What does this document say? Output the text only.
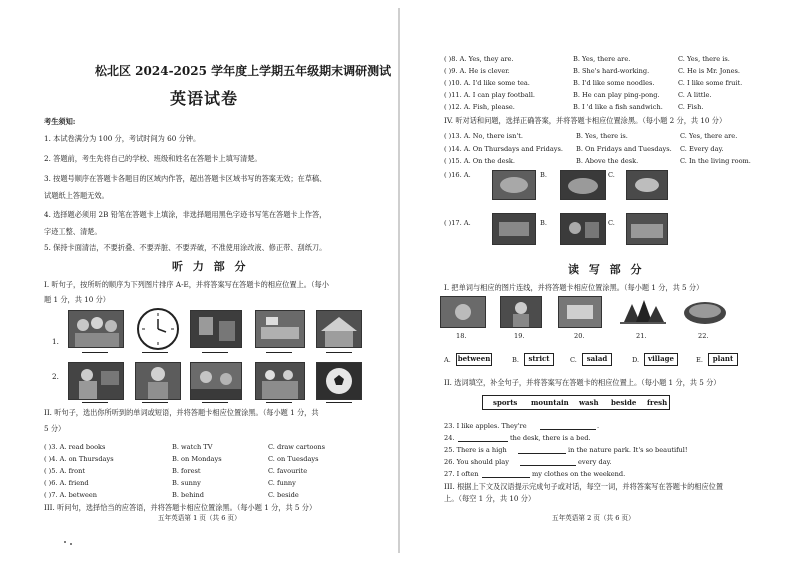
松北区 2024-2025 学年度上学期五年级期末调研测试
英语试卷
考生须知:
1. 本试卷满分为 100 分，考试时间为 60 分钟。
2. 答题前，考生先将自己的学校、班级和姓名在答题卡上填写清楚。
3. 按题号顺序在答题卡各题目的区域内作答，超出答题卡区域书写的答案无效；在草稿、
试题纸上答题无效。
4. 选择题必须用 2B 铅笔在答题卡上填涂，非选择题用黑色字迹书写笔在答题卡上作答，
字迹工整、清楚。
5. 保持卡面清洁，不要折叠、不要弄脏、不要弄破，不准使用涂改液、修正带、刮纸刀。
听 力 部 分
I. 听句子，按所听的顺序为下列图片排序 A-E，并将答案写在答题卡的相应位置上。（每小
题 1 分，共 10 分）
1.
2.
II. 听句子，选出你所听到的单词或短语，并将答题卡相应位置涂黑。（每小题 1 分，共
5 分）
( )3. A. read books	B. watch TV	C. draw cartoons
( )4. A. on Thursdays	B. on Mondays	C. on Tuesdays
( )5. A. front	B. forest	C. favourite
( )6. A. friend	B. sunny	C. funny
( )7. A. between	B. behind	C. beside
III. 听问句，选择恰当的应答语，并将答题卡相应位置涂黑。（每小题 1 分，共 5 分）
五年英语第 1 页（共 6 页）
( )8. A. Yes, they are.	B. Yes, there are.	C. Yes, there is.
( )9. A. He is clever.	B. She's hard-working.	C. He is Mr. Jones.
( )10. A. I'd like some tea.	B. I'd like some noodles.	C. I like some fruit.
( )11. A. I can play football.	B. He can play ping-pong.	C. A little.
( )12. A. Fish, please.	B. I 'd like a fish sandwich. C. Fish.
IV. 听对话和问题，选择正确答案，并将答题卡相应位置涂黑。（每小题 2 分，共 10 分）
( )13. A. No, there isn't.	B. Yes, there is.	C. Yes, there are.
( )14. A. On Thursdays and Fridays. B. On Fridays and Tuesdays. C. Every day.
( )15. A. On the desk.	B. Above the desk.	C. In the living room.
( )16. A.	B.	C.
( )17. A.	B.	C.
读 写 部 分
I. 把单词与相应的图片连线，并将答题卡相应位置涂黑。（每小题 1 分，共 5 分）
18.	19.	20.	21.	22.
A. between	B.	strict	C.	salad	D.	village	E.	plant
II. 选词填空，补全句子，并将答案写在答题卡的相应位置上。（每小题 1 分，共 5 分）
sports mountain wash beside fresh
23. I like apples. They're	.
24.	the desk, there is a bed.
25. There is a high	in the nature park. It's so beautiful!
26. You should play	every day.
27. I often	my clothes on the weekend.
III. 根据上下文及汉语提示完成句子或对话，每空一词，并将答案写在答题卡的相应位置
上。（每空 1 分，共 10 分）
五年英语第 2 页（共 6 页）
